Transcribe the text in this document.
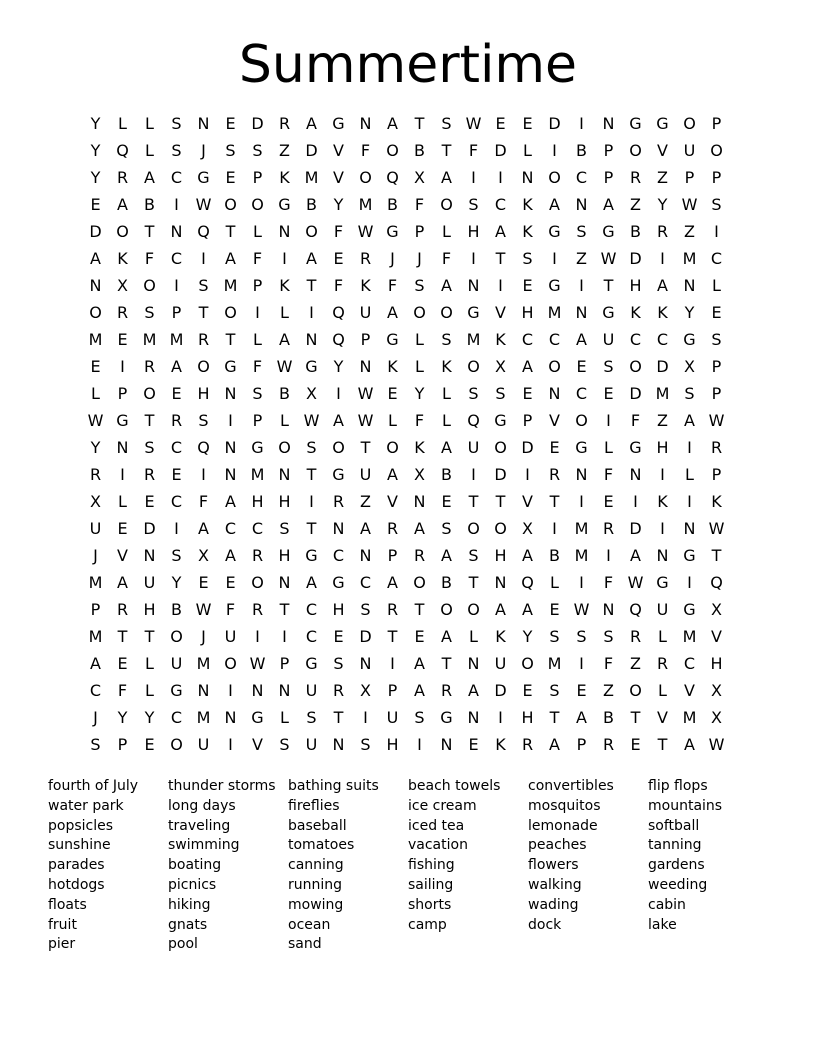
Summertime
Y	L	L	S N E D R A G N A	T	S W E	E D	I	N G G O P
Y Q	L	S	J	S	S	Z D V	F	O B	T	F	D	L	I	B	P O V U O
Y	R A C G E	P	K M V O Q X	A	I	I	N O C	P	R Z	P	P
E	A	B	I	W O O G B	Y M B	F	O S	C	K	A N A	Z	Y W S
D O T	N Q T	L	N O	F W G P	L	H A	K G S G B R Z	I
A	K	F	C	I	A	F	I	A	E	R	J	J	F	I	T	S	I	Z W D	I	M C
N X O	I	S M P	K	T	F	K	F	S	A N	I	E G	I	T	H A N	L
O R	S	P	T O	I	L	I	Q U A O O G V H M N G K	K	Y	E
M E M M R	T	L	A N Q P G	L	S M K	C C A U C C G S
E	I	R A O G	F W G Y	N K	L	K O X	A O E	S O D X	P
L	P O E H N S	B	X	I	W E	Y	L	S	S	E N C	E D M S	P
W G T	R	S	I	P	L W A W L	F	L	Q G P	V O	I	F	Z	A W
Y	N S	C Q N G O S O T O K	A U O D E G	L	G H	I	R
R	I	R	E	I	N M N	T G U A	X	B	I	D	I	R N	F	N	I	L	P
X	L	E	C	F	A H H	I	R Z	V N E	T	T	V	T	I	E	I	K	I	K
U	E D	I	A C C	S	T	N A R A	S O O X	I	M R D	I	N W
J	V N S	X	A R H G C N	P	R A	S H A	B M	I	A N G T
M A U	Y	E	E O N A G C A O B	T	N Q	L	I	F W G	I	Q
P	R H B W F	R	T	C H S	R	T O O A	A	E W N Q U G X
M T	T O	J	U	I	I	C	E D T	E	A	L	K	Y	S	S	S	R	L M V
A	E	L	U M O W P G S N	I	A	T	N U O M	I	F	Z R C H
C	F	L	G N	I	N N U R X	P	A R A D E	S	E	Z O	L	V	X
J	Y	Y	C M N G	L	S	T	I	U	S G N	I	H	T	A	B	T	V M X
S	P	E O U	I	V	S	U N S H	I	N E	K	R A	P	R	E	T	A W
fourth of July
water park
popsicles
sunshine
parades
hotdogs
floats
fruit
pier
thunder storms
long days
traveling
swimming
boating
picnics
hiking
gnats
pool
bathing suits
fireflies
baseball
tomatoes
canning
running
mowing
ocean
sand
beach towels
ice cream
iced tea
vacation
fishing
sailing
shorts
camp
convertibles
mosquitos
lemonade
peaches
flowers
walking
wading
dock
flip flops
mountains
softball
tanning
gardens
weeding
cabin
lake
